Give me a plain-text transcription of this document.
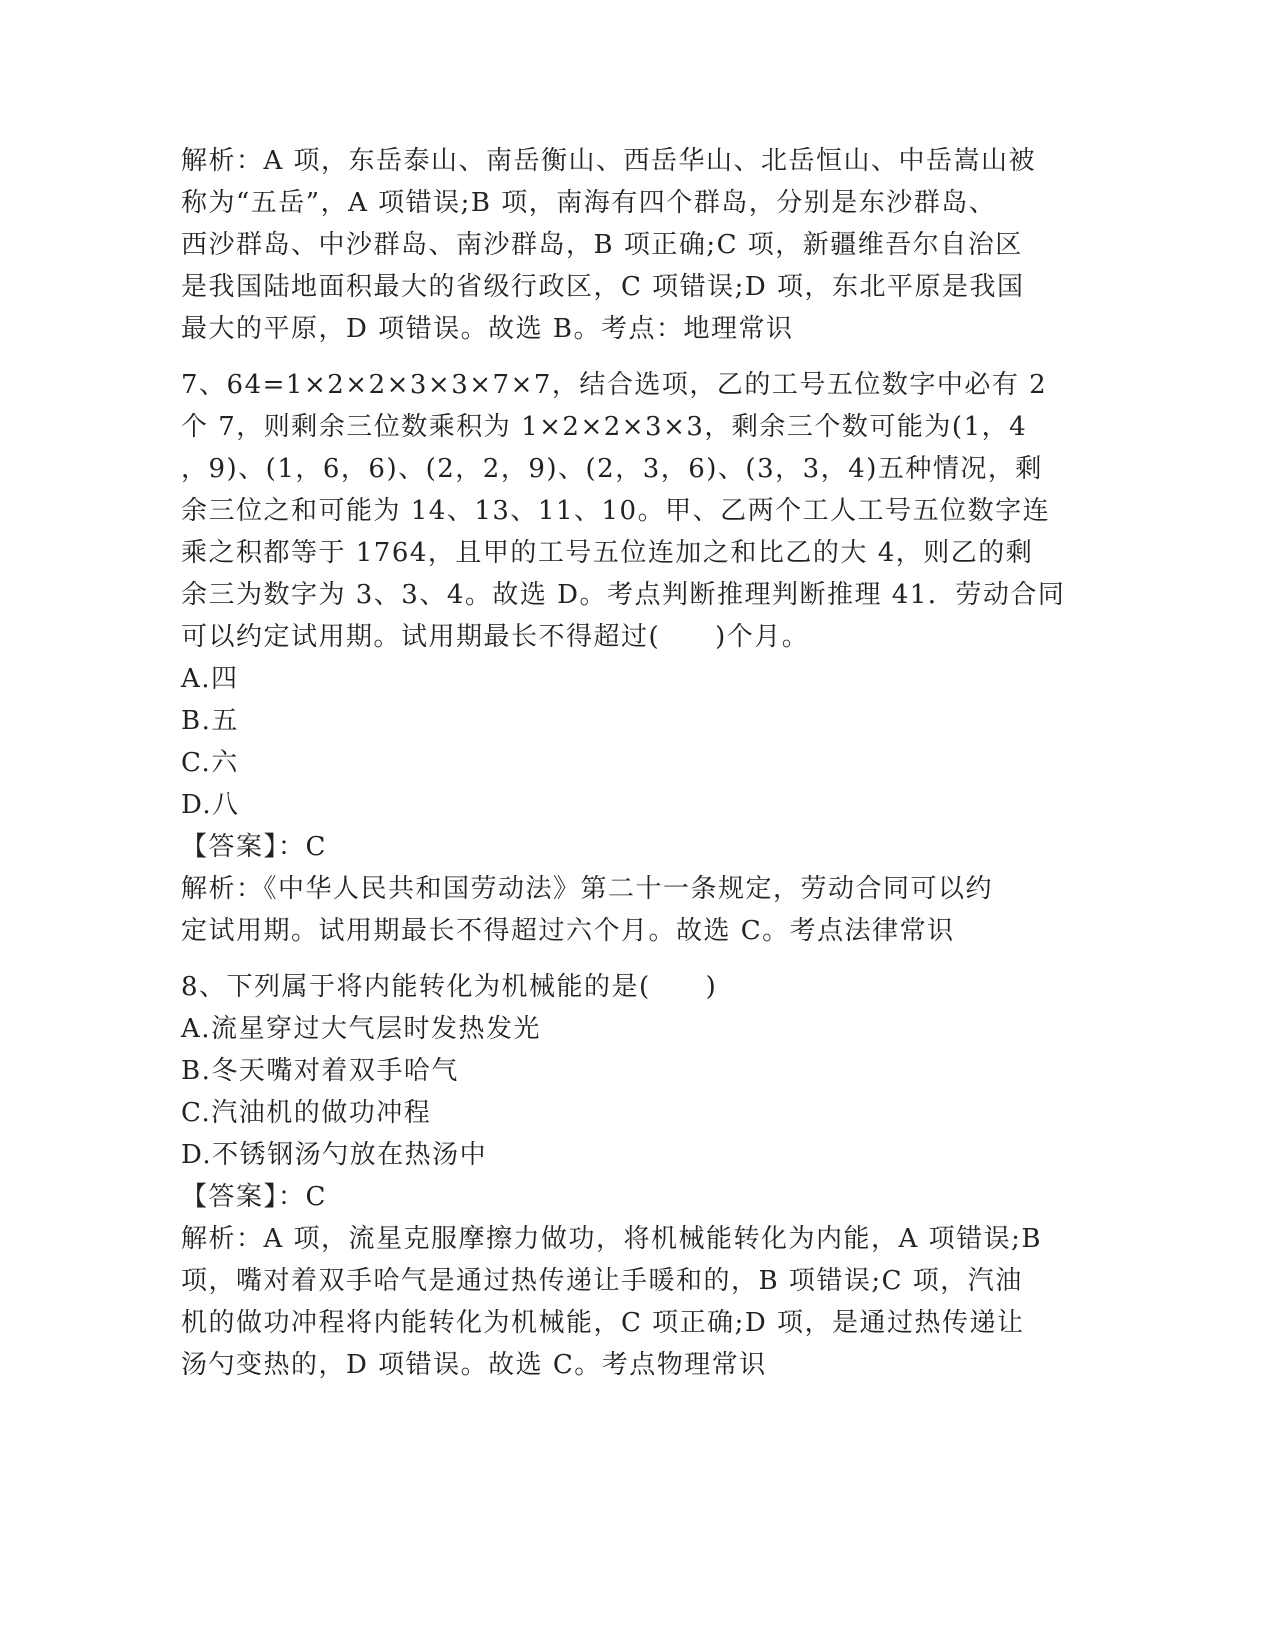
解析：A 项，东岳泰山、南岳衡山、西岳华山、北岳恒山、中岳嵩山被
称为“五岳”，A 项错误;B 项，南海有四个群岛，分别是东沙群岛、
西沙群岛、中沙群岛、南沙群岛，B 项正确;C 项，新疆维吾尔自治区
是我国陆地面积最大的省级行政区，C 项错误;D 项，东北平原是我国
最大的平原，D 项错误。故选 B。考点：地理常识
7、64=1×2×2×3×3×7×7，结合选项，乙的工号五位数字中必有 2
个 7，则剩余三位数乘积为 1×2×2×3×3，剩余三个数可能为(1，4
，9)、(1，6，6)、(2，2，9)、(2，3，6)、(3，3，4)五种情况，剩
余三位之和可能为 14、13、11、10。甲、乙两个工人工号五位数字连
乘之积都等于 1764，且甲的工号五位连加之和比乙的大 4，则乙的剩
余三为数字为 3、3、4。故选 D。考点判断推理判断推理 41．劳动合同
可以约定试用期。试用期最长不得超过(　　)个月。
A.四
B.五
C.六
D.八
【答案】：C
解析：《中华人民共和国劳动法》第二十一条规定，劳动合同可以约
定试用期。试用期最长不得超过六个月。故选 C。考点法律常识
8、下列属于将内能转化为机械能的是(　　)
A.流星穿过大气层时发热发光
B.冬天嘴对着双手哈气
C.汽油机的做功冲程
D.不锈钢汤勺放在热汤中
【答案】：C
解析：A 项，流星克服摩擦力做功，将机械能转化为内能，A 项错误;B
项，嘴对着双手哈气是通过热传递让手暖和的，B 项错误;C 项，汽油
机的做功冲程将内能转化为机械能，C 项正确;D 项，是通过热传递让
汤勺变热的，D 项错误。故选 C。考点物理常识
